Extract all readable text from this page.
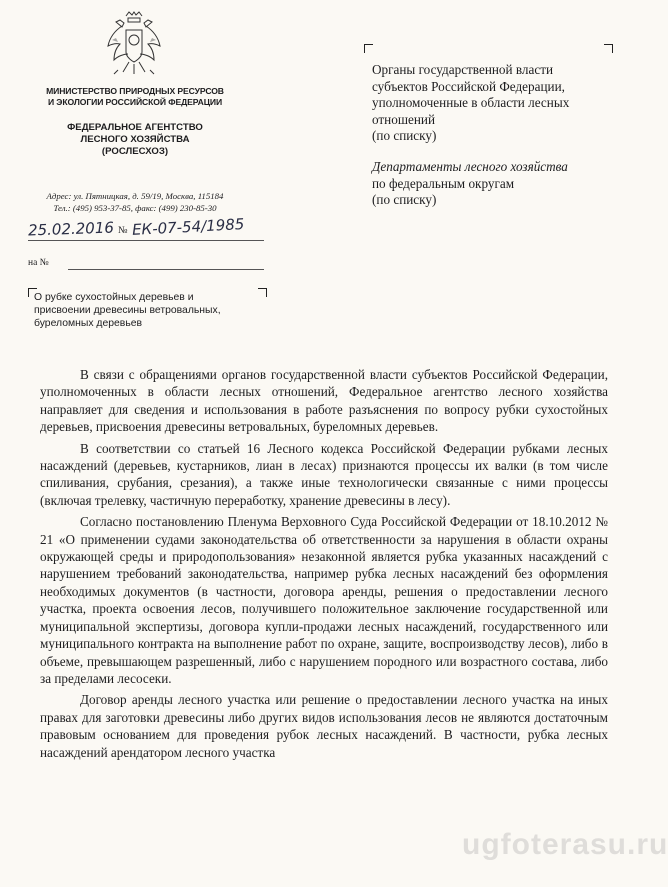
МИНИСТЕРСТВО ПРИРОДНЫХ РЕСУРСОВ
И ЭКОЛОГИИ РОССИЙСКОЙ ФЕДЕРАЦИИ
ФЕДЕРАЛЬНОЕ АГЕНТСТВО
ЛЕСНОГО ХОЗЯЙСТВА
(РОСЛЕСХОЗ)
Адрес: ул. Пятницкая, д. 59/19, Москва, 115184
Тел.: (495) 953-37-85, факс: (499) 230-85-30
25.02.2016 № ЕК-07-54/1985
на №
О рубке сухостойных деревьев и
присвоении древесины ветровальных,
буреломных деревьев
Органы государственной власти
субъектов Российской Федерации,
уполномоченные в области лесных
отношений
(по списку)
Департаменты лесного хозяйства
по федеральным округам
(по списку)

В связи с обращениями органов государственной власти субъектов Российской Федерации, уполномоченных в области лесных отношений, Федеральное агентство лесного хозяйства направляет для сведения и использования в работе разъяснения по вопросу рубки сухостойных деревьев, присвоения древесины ветровальных, буреломных деревьев.

В соответствии со статьей 16 Лесного кодекса Российской Федерации рубками лесных насаждений (деревьев, кустарников, лиан в лесах) признаются процессы их валки (в том числе спиливания, срубания, срезания), а также иные технологически связанные с ними процессы (включая трелевку, частичную переработку, хранение древесины в лесу).

Согласно постановлению Пленума Верховного Суда Российской Федерации от 18.10.2012 № 21 «О применении судами законодательства об ответственности за нарушения в области охраны окружающей среды и природопользования» незаконной является рубка указанных насаждений с нарушением требований законодательства, например рубка лесных насаждений без оформления необходимых документов (в частности, договора аренды, решения о предоставлении лесного участка, проекта освоения лесов, получившего положительное заключение государственной или муниципальной экспертизы, договора купли-продажи лесных насаждений, государственного или муниципального контракта на выполнение работ по охране, защите, воспроизводству лесов), либо в объеме, превышающем разрешенный, либо с нарушением породного или возрастного состава, либо за пределами лесосеки.

Договор аренды лесного участка или решение о предоставлении лесного участка на иных правах для заготовки древесины либо других видов использования лесов не являются достаточным правовым основанием для проведения рубок лесных насаждений. В частности, рубка лесных насаждений арендатором лесного участка

ugfoterasu.ru
